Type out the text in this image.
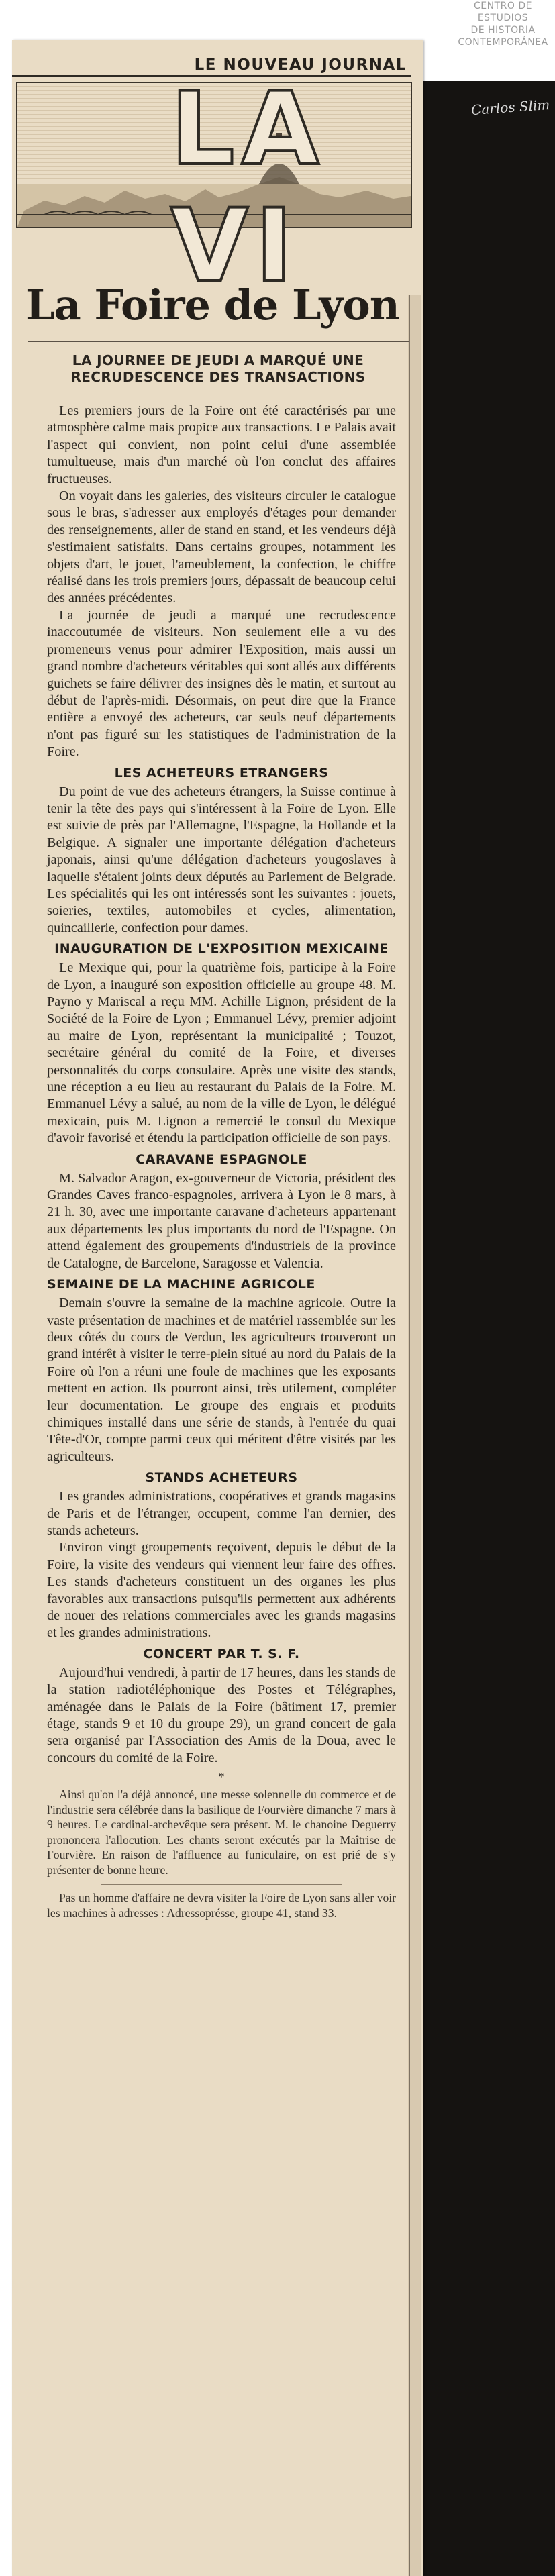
CENTRO DE
ESTUDIOS
DE HISTORIA
CONTEMPORÁNEA
Carlos Slim
LE NOUVEAU JOURNAL
LA VI
La Foire de Lyon
LA JOURNEE DE JEUDI A MARQUÉ UNE RECRUDESCENCE DES TRANSACTIONS

Les premiers jours de la Foire ont été caractérisés par une atmosphère calme mais propice aux transactions. Le Palais avait l'aspect qui convient, non point celui d'une assemblée tumultueuse, mais d'un marché où l'on conclut des affaires fructueuses.

On voyait dans les galeries, des visiteurs circuler le catalogue sous le bras, s'adresser aux employés d'étages pour demander des renseignements, aller de stand en stand, et les vendeurs déjà s'estimaient satisfaits. Dans certains groupes, notamment les objets d'art, le jouet, l'ameublement, la confection, le chiffre réalisé dans les trois premiers jours, dépassait de beaucoup celui des années précédentes.

La journée de jeudi a marqué une recrudescence inaccoutumée de visiteurs. Non seulement elle a vu des promeneurs venus pour admirer l'Exposition, mais aussi un grand nombre d'acheteurs véritables qui sont allés aux différents guichets se faire délivrer des insignes dès le matin, et surtout au début de l'après-midi. Désormais, on peut dire que la France entière a envoyé des acheteurs, car seuls neuf départements n'ont pas figuré sur les statistiques de l'administration de la Foire.

LES ACHETEURS ETRANGERS

Du point de vue des acheteurs étrangers, la Suisse continue à tenir la tête des pays qui s'intéressent à la Foire de Lyon. Elle est suivie de près par l'Allemagne, l'Espagne, la Hollande et la Belgique. A signaler une importante délégation d'acheteurs japonais, ainsi qu'une délégation d'acheteurs yougoslaves à laquelle s'étaient joints deux députés au Parlement de Belgrade. Les spécialités qui les ont intéressés sont les suivantes : jouets, soieries, textiles, automobiles et cycles, alimentation, quincaillerie, confection pour dames.

INAUGURATION DE L'EXPOSITION MEXICAINE

Le Mexique qui, pour la quatrième fois, participe à la Foire de Lyon, a inauguré son exposition officielle au groupe 48. M. Payno y Mariscal a reçu MM. Achille Lignon, président de la Société de la Foire de Lyon ; Emmanuel Lévy, premier adjoint au maire de Lyon, représentant la municipalité ; Touzot, secrétaire général du comité de la Foire, et diverses personnalités du corps consulaire. Après une visite des stands, une réception a eu lieu au restaurant du Palais de la Foire. M. Emmanuel Lévy a salué, au nom de la ville de Lyon, le délégué mexicain, puis M. Lignon a remercié le consul du Mexique d'avoir favorisé et étendu la participation officielle de son pays.

CARAVANE ESPAGNOLE

M. Salvador Aragon, ex-gouverneur de Victoria, président des Grandes Caves franco-espagnoles, arrivera à Lyon le 8 mars, à 21 h. 30, avec une importante caravane d'acheteurs appartenant aux départements les plus importants du nord de l'Espagne. On attend également des groupements d'industriels de la province de Catalogne, de Barcelone, Saragosse et Valencia.

SEMAINE DE LA MACHINE AGRICOLE

Demain s'ouvre la semaine de la machine agricole. Outre la vaste présentation de machines et de matériel rassemblée sur les deux côtés du cours de Verdun, les agriculteurs trouveront un grand intérêt à visiter le terre-plein situé au nord du Palais de la Foire où l'on a réuni une foule de machines que les exposants mettent en action. Ils pourront ainsi, très utilement, compléter leur documentation. Le groupe des engrais et produits chimiques installé dans une série de stands, à l'entrée du quai Tête-d'Or, compte parmi ceux qui méritent d'être visités par les agriculteurs.

STANDS ACHETEURS

Les grandes administrations, coopératives et grands magasins de Paris et de l'étranger, occupent, comme l'an dernier, des stands acheteurs.

Environ vingt groupements reçoivent, depuis le début de la Foire, la visite des vendeurs qui viennent leur faire des offres. Les stands d'acheteurs constituent un des organes les plus favorables aux transactions puisqu'ils permettent aux adhérents de nouer des relations commerciales avec les grands magasins et les grandes administrations.

CONCERT PAR T. S. F.

Aujourd'hui vendredi, à partir de 17 heures, dans les stands de la station radiotéléphonique des Postes et Télégraphes, aménagée dans le Palais de la Foire (bâtiment 17, premier étage, stands 9 et 10 du groupe 29), un grand concert de gala sera organisé par l'Association des Amis de la Doua, avec le concours du comité de la Foire.

*

Ainsi qu'on l'a déjà annoncé, une messe solennelle du commerce et de l'industrie sera célébrée dans la basilique de Fourvière dimanche 7 mars à 9 heures. Le cardinal-archevêque sera présent. M. le chanoine Deguerry prononcera l'allocution. Les chants seront exécutés par la Maîtrise de Fourvière. En raison de l'affluence au funiculaire, on est prié de s'y présenter de bonne heure.

Pas un homme d'affaire ne devra visiter la Foire de Lyon sans aller voir les machines à adresses : Adressoprésse, groupe 41, stand 33.
